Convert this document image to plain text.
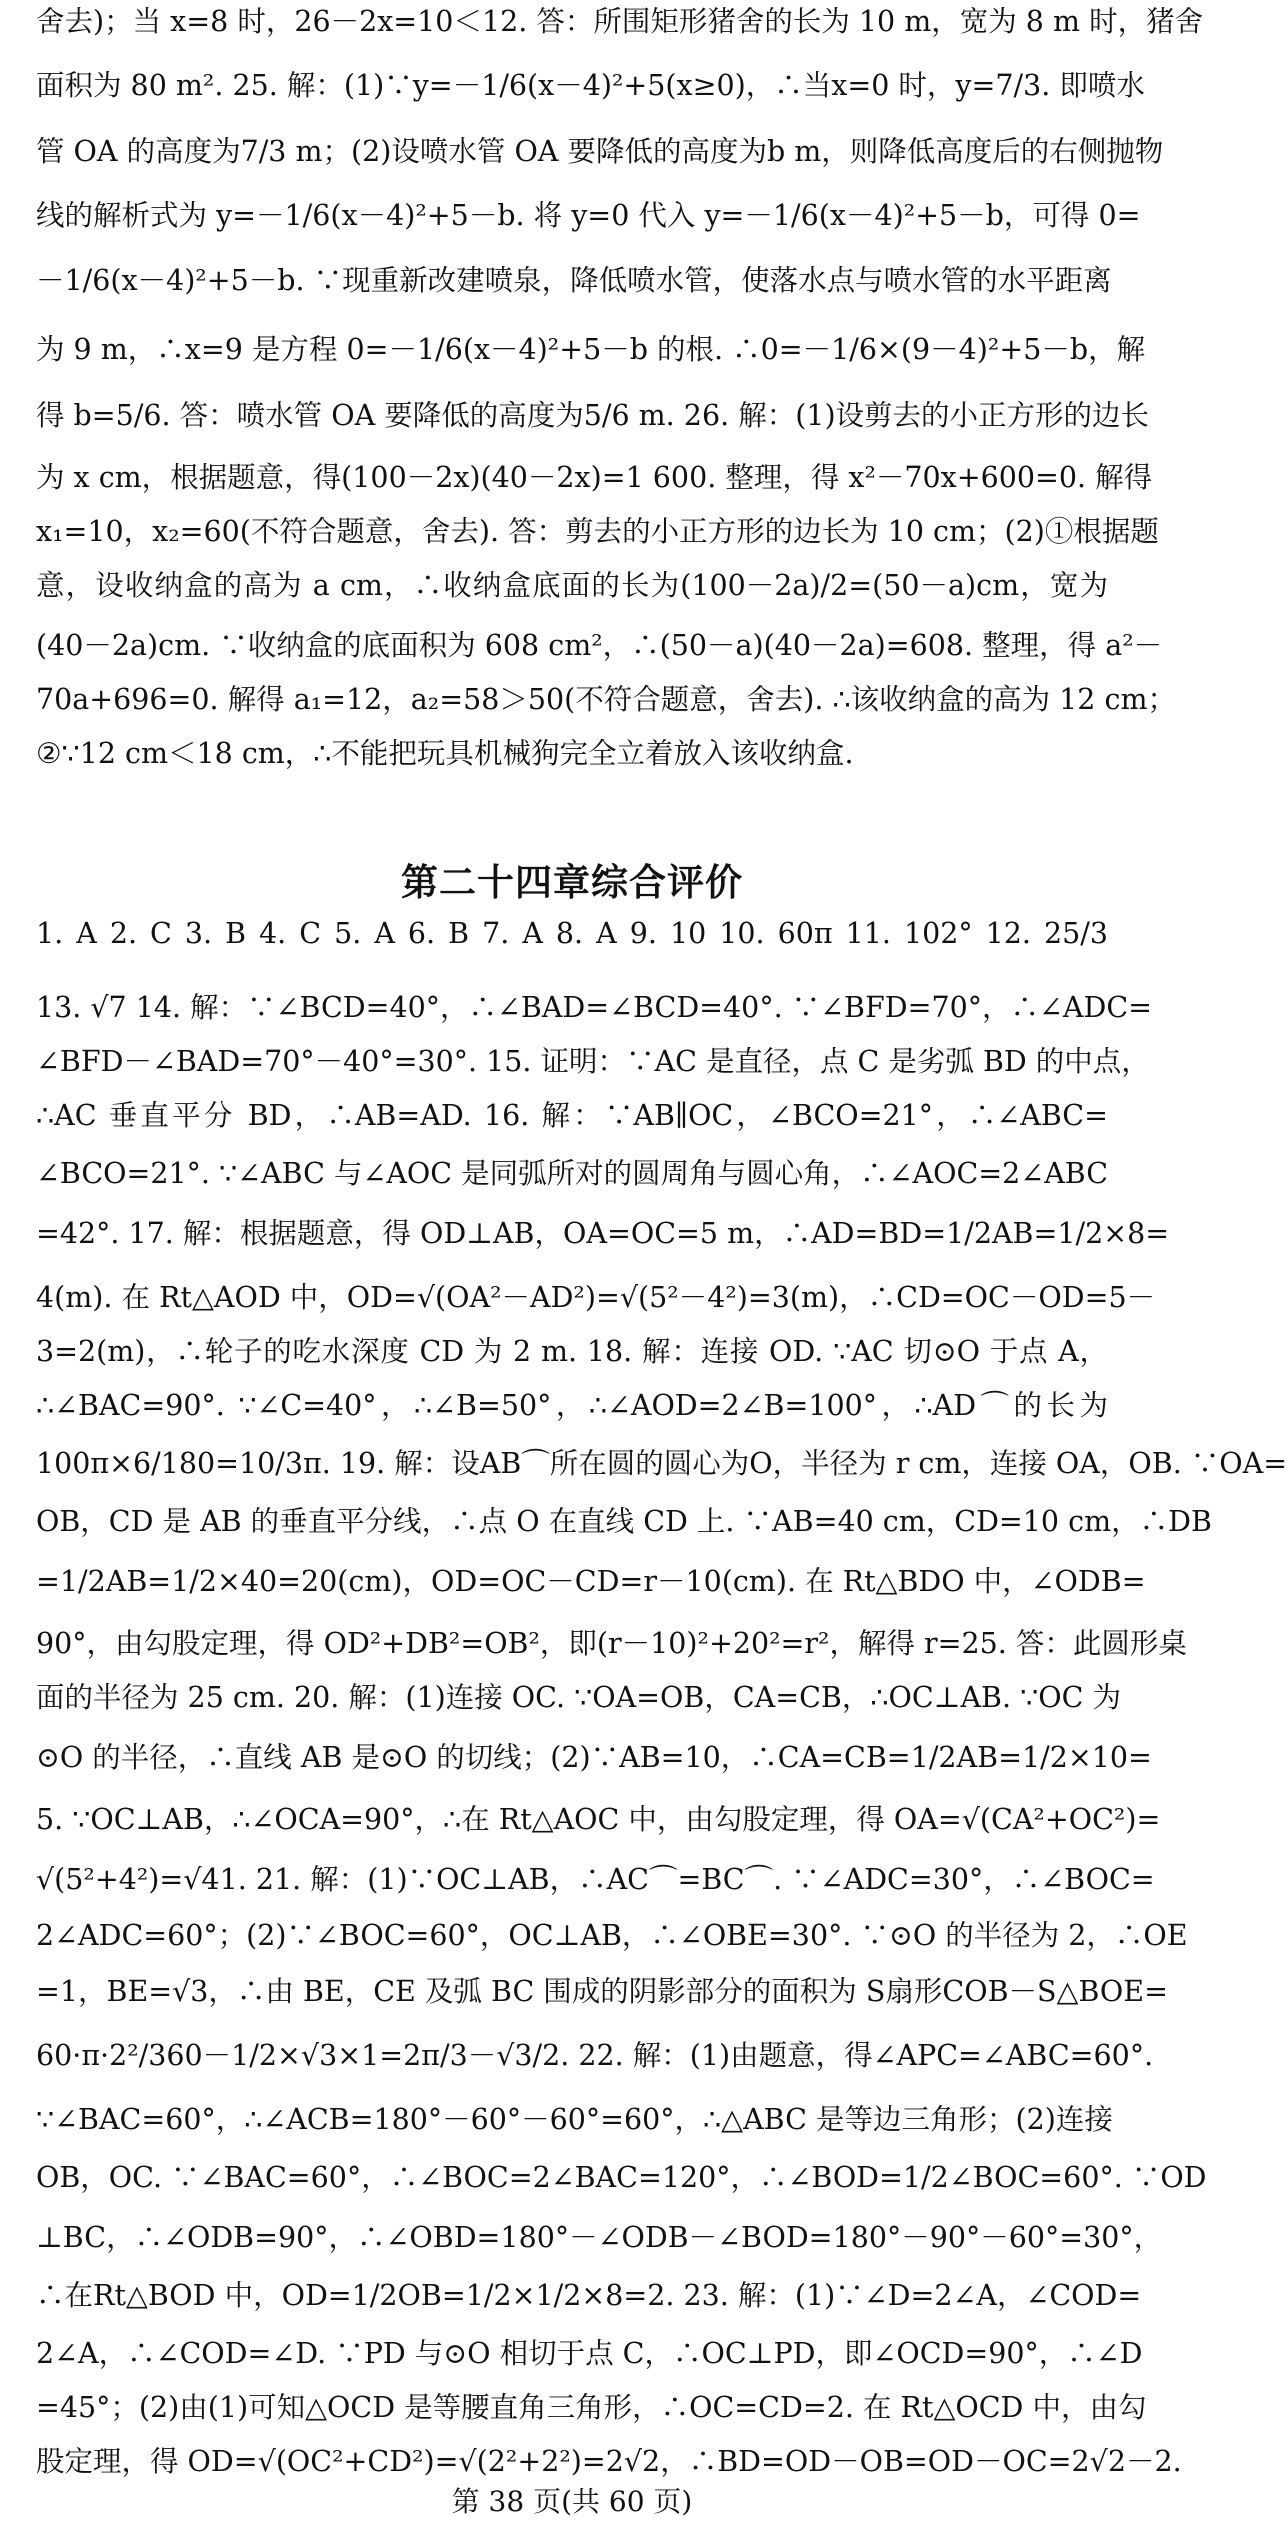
舍去)；当 x=8 时，26－2x=10＜12. 答：所围矩形猪舍的长为 10 m，宽为 8 m 时，猪舍
面积为 80 m². 25. 解：(1)∵y=－1/6(x－4)²+5(x≥0)，∴当x=0 时，y=7/3. 即喷水
管 OA 的高度为7/3 m；(2)设喷水管 OA 要降低的高度为b m，则降低高度后的右侧抛物
线的解析式为 y=－1/6(x－4)²+5－b. 将 y=0 代入 y=－1/6(x－4)²+5－b，可得 0=
－1/6(x－4)²+5－b. ∵现重新改建喷泉，降低喷水管，使落水点与喷水管的水平距离
为 9 m，∴x=9 是方程 0=－1/6(x－4)²+5－b 的根. ∴0=－1/6×(9－4)²+5－b，解
得 b=5/6. 答：喷水管 OA 要降低的高度为5/6 m. 26. 解：(1)设剪去的小正方形的边长
为 x cm，根据题意，得(100－2x)(40－2x)=1 600. 整理，得 x²－70x+600=0. 解得
x₁=10，x₂=60(不符合题意，舍去). 答：剪去的小正方形的边长为 10 cm；(2)①根据题
意，设收纳盒的高为 a cm，∴收纳盒底面的长为(100－2a)/2=(50－a)cm，宽为
(40－2a)cm. ∵收纳盒的底面积为 608 cm²，∴(50－a)(40－2a)=608. 整理，得 a²－
70a+696=0. 解得 a₁=12，a₂=58＞50(不符合题意，舍去). ∴该收纳盒的高为 12 cm；
②∵12 cm＜18 cm，∴不能把玩具机械狗完全立着放入该收纳盒.
第二十四章综合评价
1. A 2. C 3. B 4. C 5. A 6. B 7. A 8. A 9. 10 10. 60π 11. 102° 12. 25/3
13. √7 14. 解：∵∠BCD=40°，∴∠BAD=∠BCD=40°. ∵∠BFD=70°，∴∠ADC=
∠BFD－∠BAD=70°－40°=30°. 15. 证明：∵AC 是直径，点 C 是劣弧 BD 的中点，
∴AC 垂直平分 BD，∴AB=AD. 16. 解：∵AB∥OC，∠BCO=21°，∴∠ABC=
∠BCO=21°. ∵∠ABC 与∠AOC 是同弧所对的圆周角与圆心角，∴∠AOC=2∠ABC
=42°. 17. 解：根据题意，得 OD⊥AB，OA=OC=5 m，∴AD=BD=1/2AB=1/2×8=
4(m). 在 Rt△AOD 中，OD=√(OA²－AD²)=√(5²－4²)=3(m)，∴CD=OC－OD=5－
3=2(m)，∴轮子的吃水深度 CD 为 2 m. 18. 解：连接 OD. ∵AC 切⊙O 于点 A，
∴∠BAC=90°. ∵∠C=40°，∴∠B=50°，∴∠AOD=2∠B=100°，∴AD⌒的长为
100π×6/180=10/3π. 19. 解：设AB⌒所在圆的圆心为O，半径为 r cm，连接 OA，OB. ∵OA=
OB，CD 是 AB 的垂直平分线，∴点 O 在直线 CD 上. ∵AB=40 cm，CD=10 cm，∴DB
=1/2AB=1/2×40=20(cm)，OD=OC－CD=r－10(cm). 在 Rt△BDO 中，∠ODB=
90°，由勾股定理，得 OD²+DB²=OB²，即(r－10)²+20²=r²，解得 r=25. 答：此圆形桌
面的半径为 25 cm. 20. 解：(1)连接 OC. ∵OA=OB，CA=CB，∴OC⊥AB. ∵OC 为
⊙O 的半径，∴直线 AB 是⊙O 的切线；(2)∵AB=10，∴CA=CB=1/2AB=1/2×10=
5. ∵OC⊥AB，∴∠OCA=90°，∴在 Rt△AOC 中，由勾股定理，得 OA=√(CA²+OC²)=
√(5²+4²)=√41. 21. 解：(1)∵OC⊥AB，∴AC⌒=BC⌒. ∵∠ADC=30°，∴∠BOC=
2∠ADC=60°；(2)∵∠BOC=60°，OC⊥AB，∴∠OBE=30°. ∵⊙O 的半径为 2，∴OE
=1，BE=√3，∴由 BE，CE 及弧 BC 围成的阴影部分的面积为 S扇形COB－S△BOE=
60·π·2²/360－1/2×√3×1=2π/3－√3/2. 22. 解：(1)由题意，得∠APC=∠ABC=60°.
∵∠BAC=60°，∴∠ACB=180°－60°－60°=60°，∴△ABC 是等边三角形；(2)连接
OB，OC. ∵∠BAC=60°，∴∠BOC=2∠BAC=120°，∴∠BOD=1/2∠BOC=60°. ∵OD
⊥BC，∴∠ODB=90°，∴∠OBD=180°－∠ODB－∠BOD=180°－90°－60°=30°，
∴在Rt△BOD 中，OD=1/2OB=1/2×1/2×8=2. 23. 解：(1)∵∠D=2∠A，∠COD=
2∠A，∴∠COD=∠D. ∵PD 与⊙O 相切于点 C，∴OC⊥PD，即∠OCD=90°，∴∠D
=45°；(2)由(1)可知△OCD 是等腰直角三角形，∴OC=CD=2. 在 Rt△OCD 中，由勾
股定理，得 OD=√(OC²+CD²)=√(2²+2²)=2√2，∴BD=OD－OB=OD－OC=2√2－2.
第 38 页(共 60 页)
